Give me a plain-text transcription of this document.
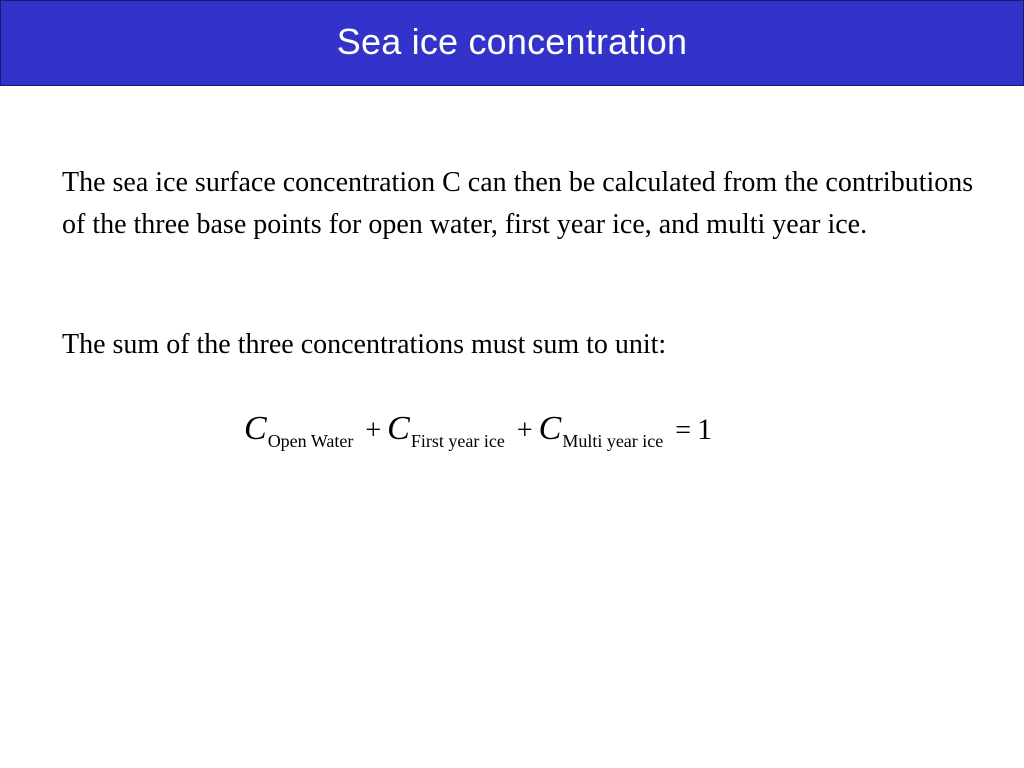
Sea ice concentration
The sea ice surface concentration C can then be calculated from the contributions of the three base points for open water, first year ice, and multi year ice.
The sum of the three concentrations must sum to unit:
COpen Water + CFirst year ice + CMulti year ice = 1
